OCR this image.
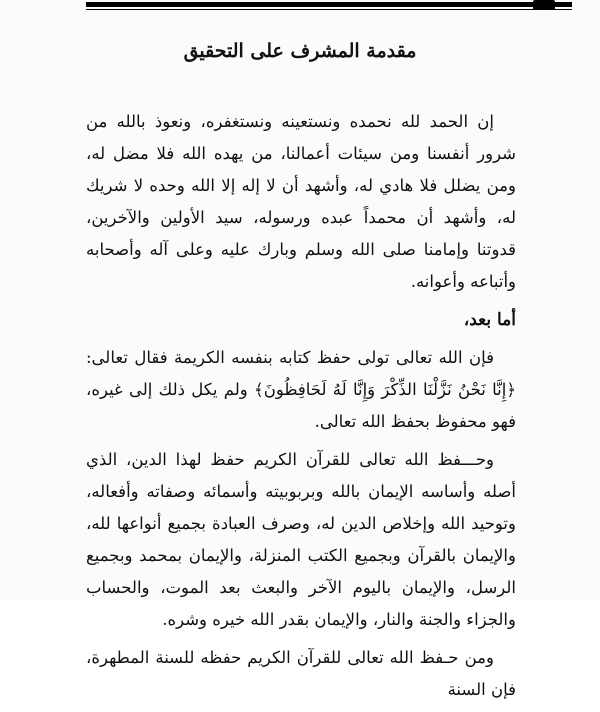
مقدمة المشرف على التحقيق

إن الحمد لله نحمده ونستعينه ونستغفره، ونعوذ بالله من شرور أنفسنا ومن سيئات أعمالنا، من يهده الله فلا مضل له، ومن يضلل فلا هادي له، وأشهد أن لا إله إلا الله وحده لا شريك له، وأشهد أن محمداً عبده ورسوله، سيد الأولين والآخرين، قدوتنا وإمامنا صلى الله وسلم وبارك عليه وعلى آله وأصحابه وأتباعه وأعوانه.

أما بعد،

فإن الله تعالى تولى حفظ كتابه بنفسه الكريمة فقال تعالى: ﴿إِنَّا نَحْنُ نَزَّلْنَا الذِّكْرَ وَإِنَّا لَهُ لَحَافِظُونَ﴾ ولم يكل ذلك إلى غيره، فهو محفوظ بحفظ الله تعالى.

وحـــفظ الله تعالى للقرآن الكريم حفظ لهذا الدين، الذي أصله وأساسه الإيمان بالله وبربوبيته وأسمائه وصفاته وأفعاله، وتوحيد الله وإخلاص الدين له، وصرف العبادة بجميع أنواعها لله، والإيمان بالقرآن وبجميع الكتب المنزلة، والإيمان بمحمد وبجميع الرسل، والإيمان باليوم الآخر والبعث بعد الموت، والحساب والجزاء والجنة والنار، والإيمان بقدر الله خيره وشره.

ومن حـفظ الله تعالى للقرآن الكريم حفظه للسنة المطهرة، فإن السنة
